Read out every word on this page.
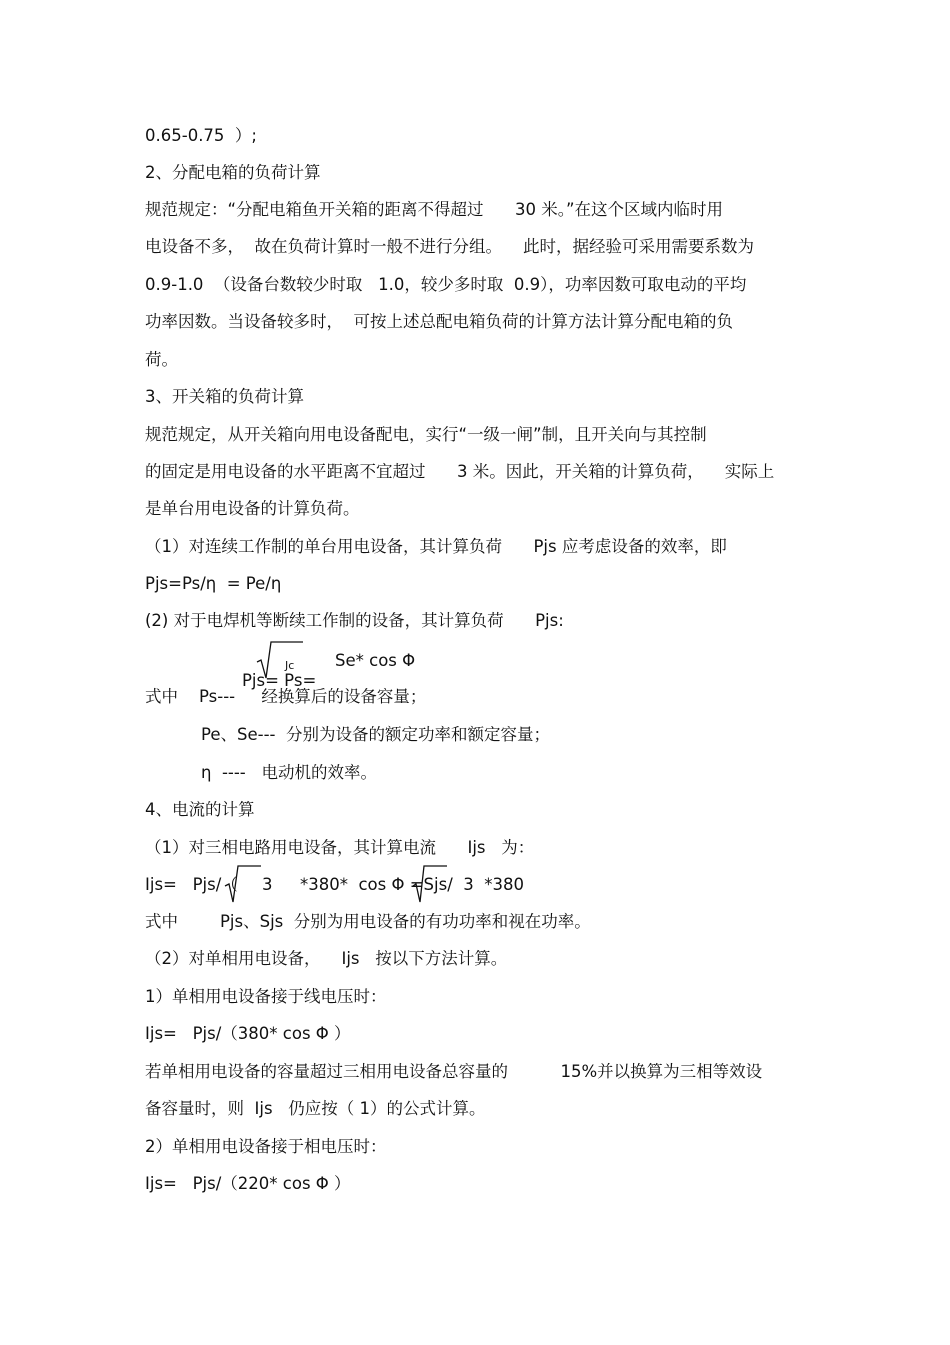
0.65-0.75  ）;
2、分配电箱的负荷计算
规范规定：“分配电箱鱼开关箱的距离不得超过      30 米。”在这个区域内临时用
电设备不多，  故在负荷计算时一般不进行分组。    此时，据经验可采用需要系数为
0.9-1.0  （设备台数较少时取   1.0，较少多时取  0.9），功率因数可取电动的平均
功率因数。当设备较多时，  可按上述总配电箱负荷的计算方法计算分配电箱的负
荷。
3、开关箱的负荷计算
规范规定，从开关箱向用电设备配电，实行“一级一闸”制，且开关向与其控制
的固定是用电设备的水平距离不宜超过      3 米。因此，开关箱的计算负荷，    实际上
是单台用电设备的计算负荷。
（1）对连续工作制的单台用电设备，其计算负荷      Pjs 应考虑设备的效率，即
Pjs=Ps/η  = Pe/η
(2) 对于电焊机等断续工作制的设备，其计算负荷      Pjs:

Pjs= Ps=

Jc Se* cos Φ
式中    Ps---     经换算后的设备容量；
Pe、Se---  分别为设备的额定功率和额定容量；
η  ----   电动机的效率。
4、电流的计算
（1）对三相电路用电设备，其计算电流      Ijs   为：
Ijs=   Pjs/（ 3 *380*  cos Φ =Sjs/  3  *380
式中        Pjs、Sjs  分别为用电设备的有功功率和视在功率。
（2）对单相用电设备，    Ijs   按以下方法计算。
1）单相用电设备接于线电压时：
Ijs=   Pjs/（380* cos Φ ）
若单相用电设备的容量超过三相用电设备总容量的          15%并以换算为三相等效设
备容量时，则  Ijs   仍应按（ 1）的公式计算。
2）单相用电设备接于相电压时：
Ijs=   Pjs/（220* cos Φ ）
